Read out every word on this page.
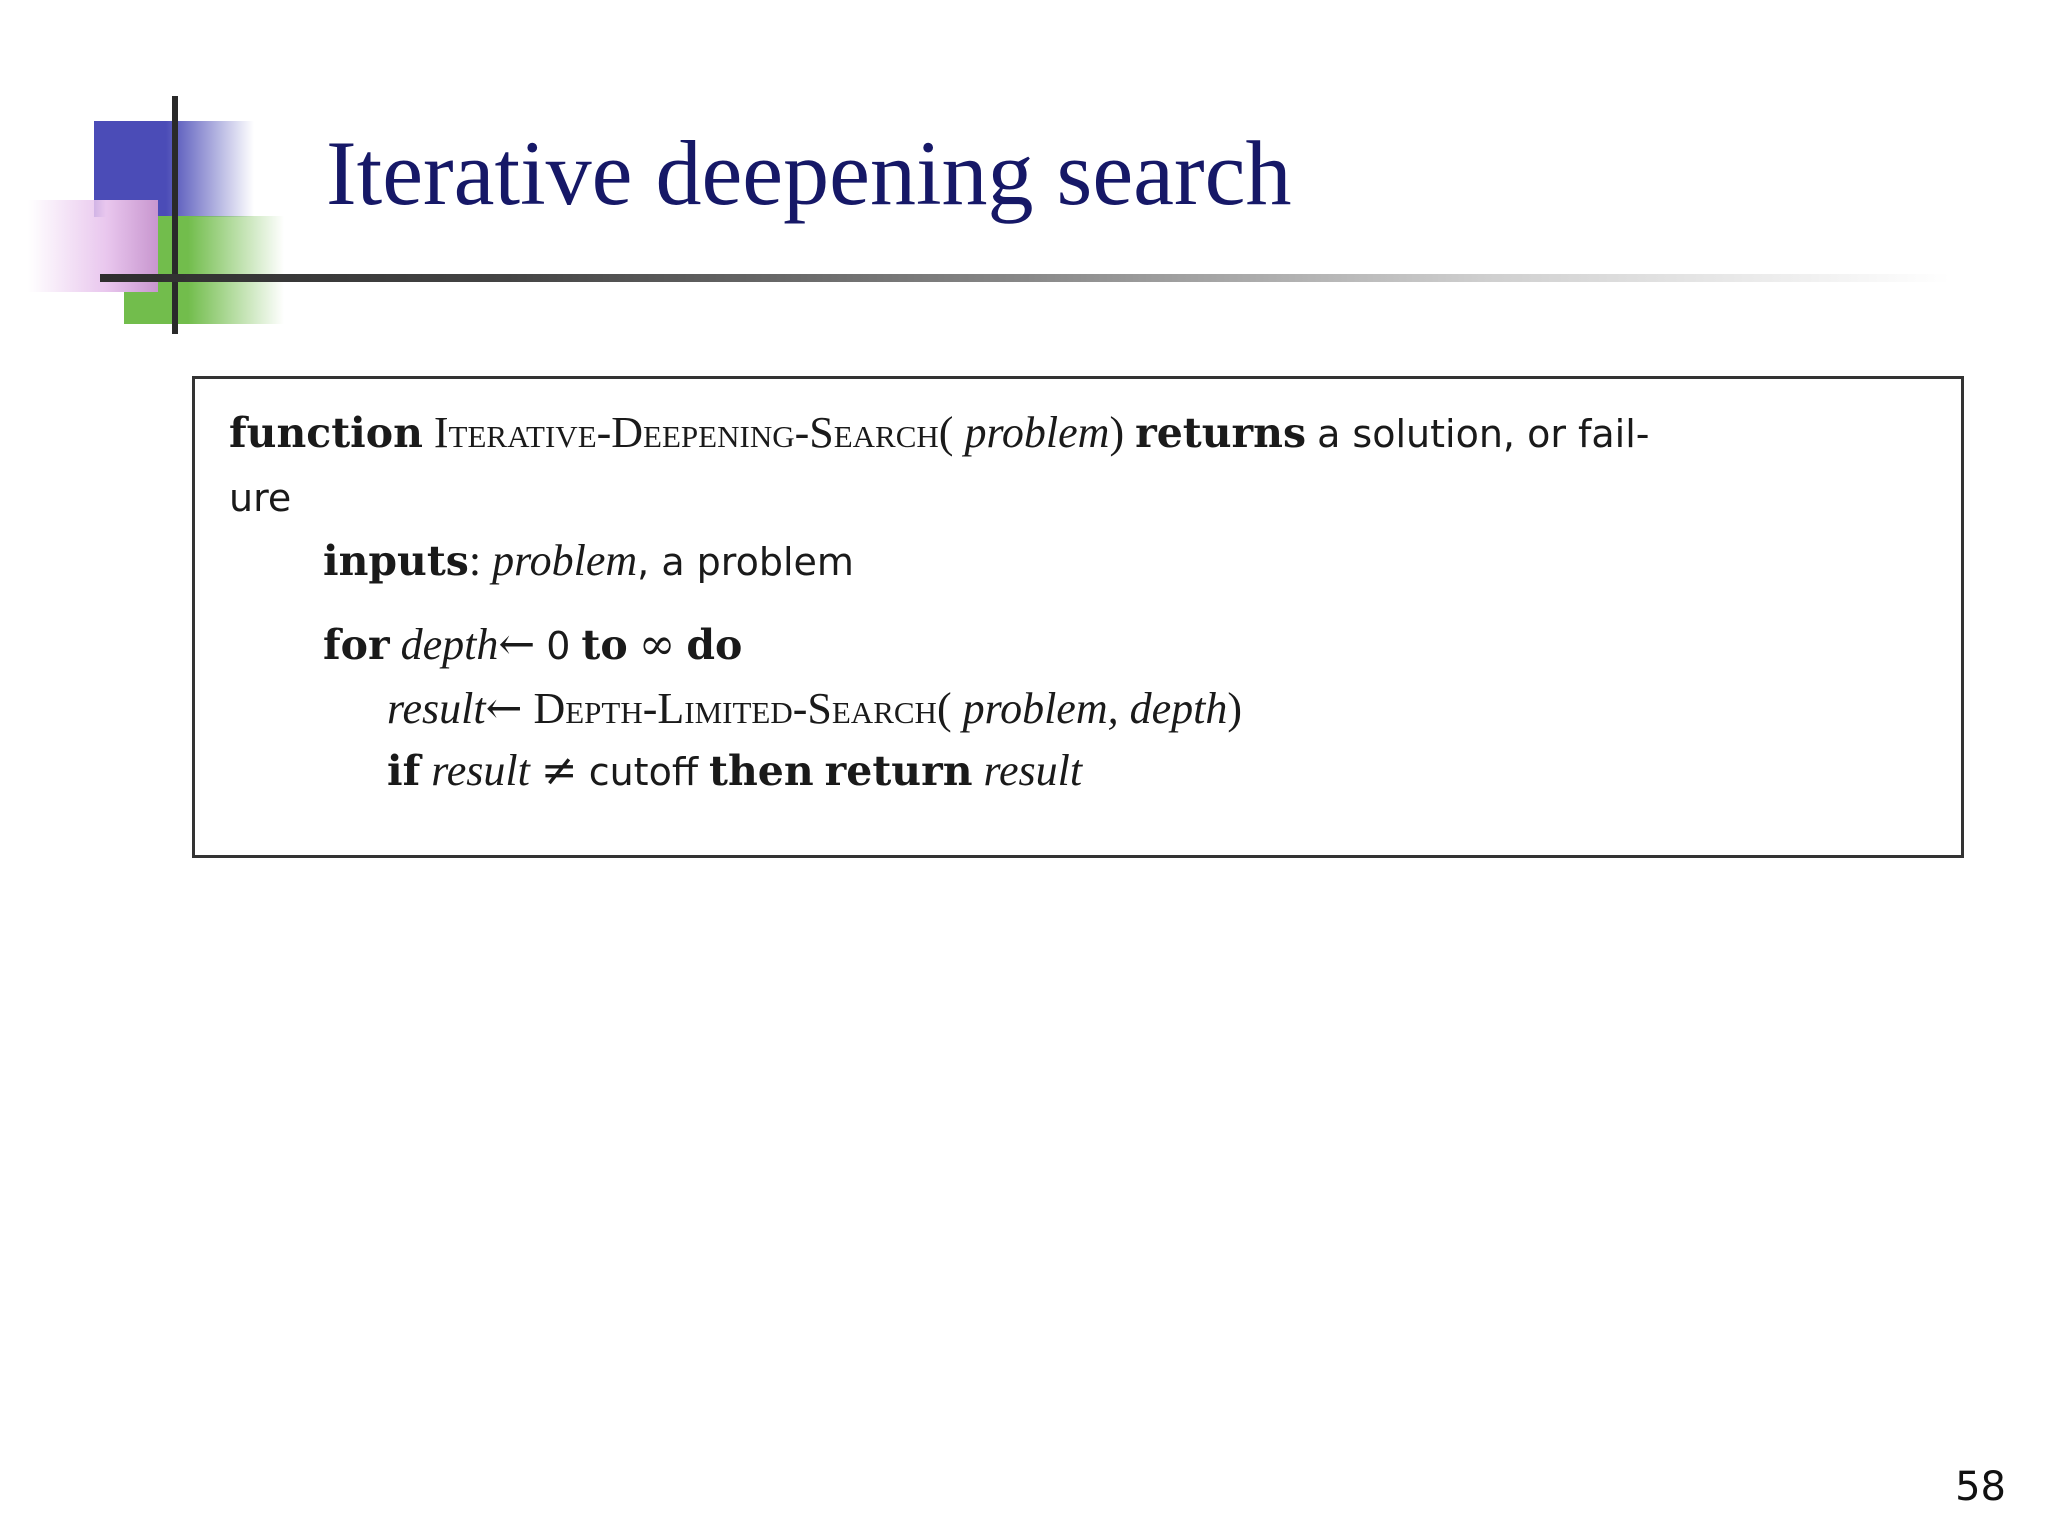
Iterative deepening search
function Iterative-Deepening-Search( problem) returns a solution, or fail-
ure
inputs: problem, a problem
for depth← 0 to ∞ do
result← Depth-Limited-Search( problem, depth)
if result ≠ cutoff then return result
58
